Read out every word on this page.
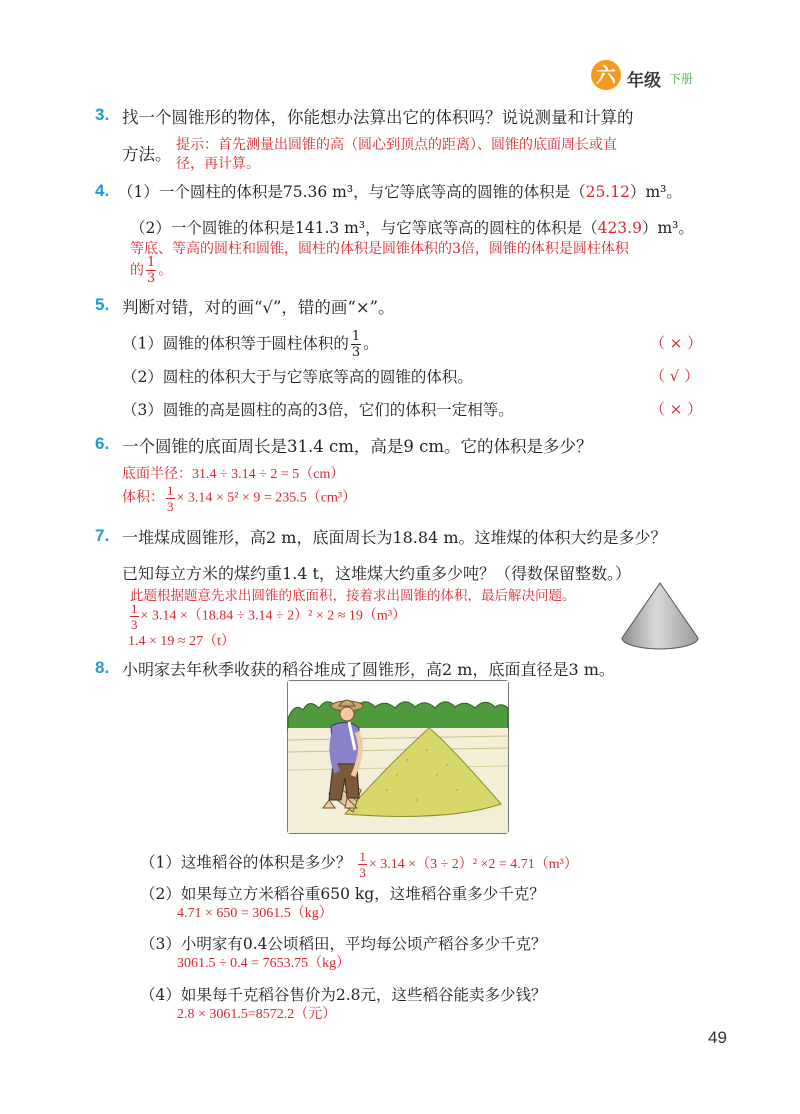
六 年级 下册
3. 找一个圆锥形的物体，你能想办法算出它的体积吗？说说测量和计算的
方法。 提示：首先测量出圆锥的高（圆心到顶点的距离）、圆锥的底面周长或直
径，再计算。
4. （1）一个圆柱的体积是75.36 m³，与它等底等高的圆锥的体积是（25.12）m³。
（2）一个圆锥的体积是141.3 m³，与它等底等高的圆柱的体积是（423.9）m³。
等底、等高的圆柱和圆锥，圆柱的体积是圆锥体积的3倍，圆锥的体积是圆柱体积
的 $\frac{1}{3}$ 。
5. 判断对错，对的画“√”，错的画“×”。
（1）圆锥的体积等于圆柱体积的 $\frac{1}{3}$ 。	（ × ）
（2）圆柱的体积大于与它等底等高的圆锥的体积。	（ √ ）
（3）圆锥的高是圆柱的高的3倍，它们的体积一定相等。	（ × ）
6. 一个圆锥的底面周长是31.4 cm，高是9 cm。它的体积是多少？
底面半径：31.4 ÷ 3.14 ÷ 2 = 5（cm）
体积： $\frac{1}{3} \times 3.14 \times 5^2 \times 9 = 235.5(cm^3)$
7. 一堆煤成圆锥形，高2 m，底面周长为18.84 m。这堆煤的体积大约是多少？
已知每立方米的煤约重1.4 t，这堆煤大约重多少吨？（得数保留整数。）
此题根据题意先求出圆锥的底面积，接着求出圆锥的体积，最后解决问题。
$\frac{1}{3} \times 3.14 \times(18.84 \div 3.14 \div 2)^2 \times 2 \approx 19(m^3)$
1.4 × 19 ≈ 27（t）
8. 小明家去年秋季收获的稻谷堆成了圆锥形，高2 m，底面直径是3 m。
（1）这堆稻谷的体积是多少？ $\frac{1}{3} \times 3.14 \times(3 \div 2)^2 \times 2 = 4.71(m^3)$
（2）如果每立方米稻谷重650 kg，这堆稻谷重多少千克？
4.71 × 650 = 3061.5（kg）
（3）小明家有0.4公顷稻田，平均每公顷产稻谷多少千克？
3061.5 ÷ 0.4 = 7653.75（kg）
（4）如果每千克稻谷售价为2.8元，这些稻谷能卖多少钱？
2.8 × 3061.5=8572.2（元）
49
